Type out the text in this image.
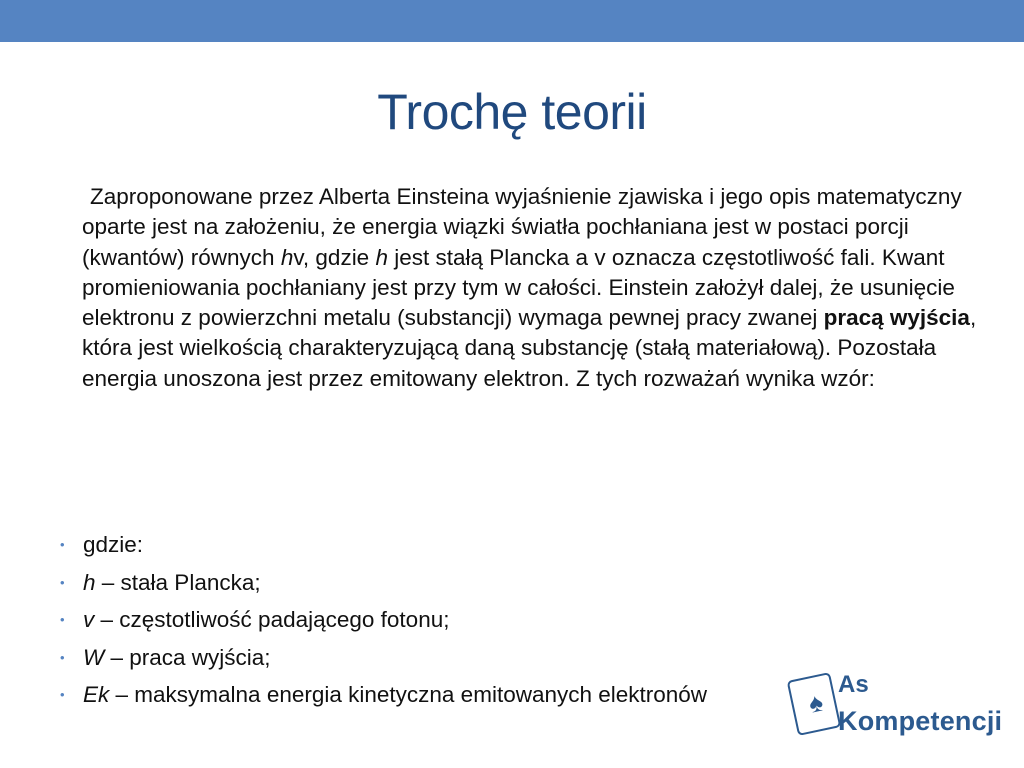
Trochę teorii
Zaproponowane przez Alberta Einsteina wyjaśnienie zjawiska i jego opis matematyczny oparte jest na założeniu, że energia wiązki światła pochłaniana jest w postaci porcji (kwantów) równych hv, gdzie h jest stałą Plancka a v oznacza częstotliwość fali. Kwant promieniowania pochłaniany jest przy tym w całości. Einstein założył dalej, że usunięcie elektronu z powierzchni metalu (substancji) wymaga pewnej pracy zwanej pracą wyjścia, która jest wielkością charakteryzującą daną substancję (stałą materiałową). Pozostała energia unoszona jest przez emitowany elektron. Z tych rozważań wynika wzór:
• gdzie:
• h – stała Plancka;
• v – częstotliwość padającego fotonu;
• W – praca wyjścia;
• Ek – maksymalna energia kinetyczna emitowanych elektronów	♠
As
Kompetencji
